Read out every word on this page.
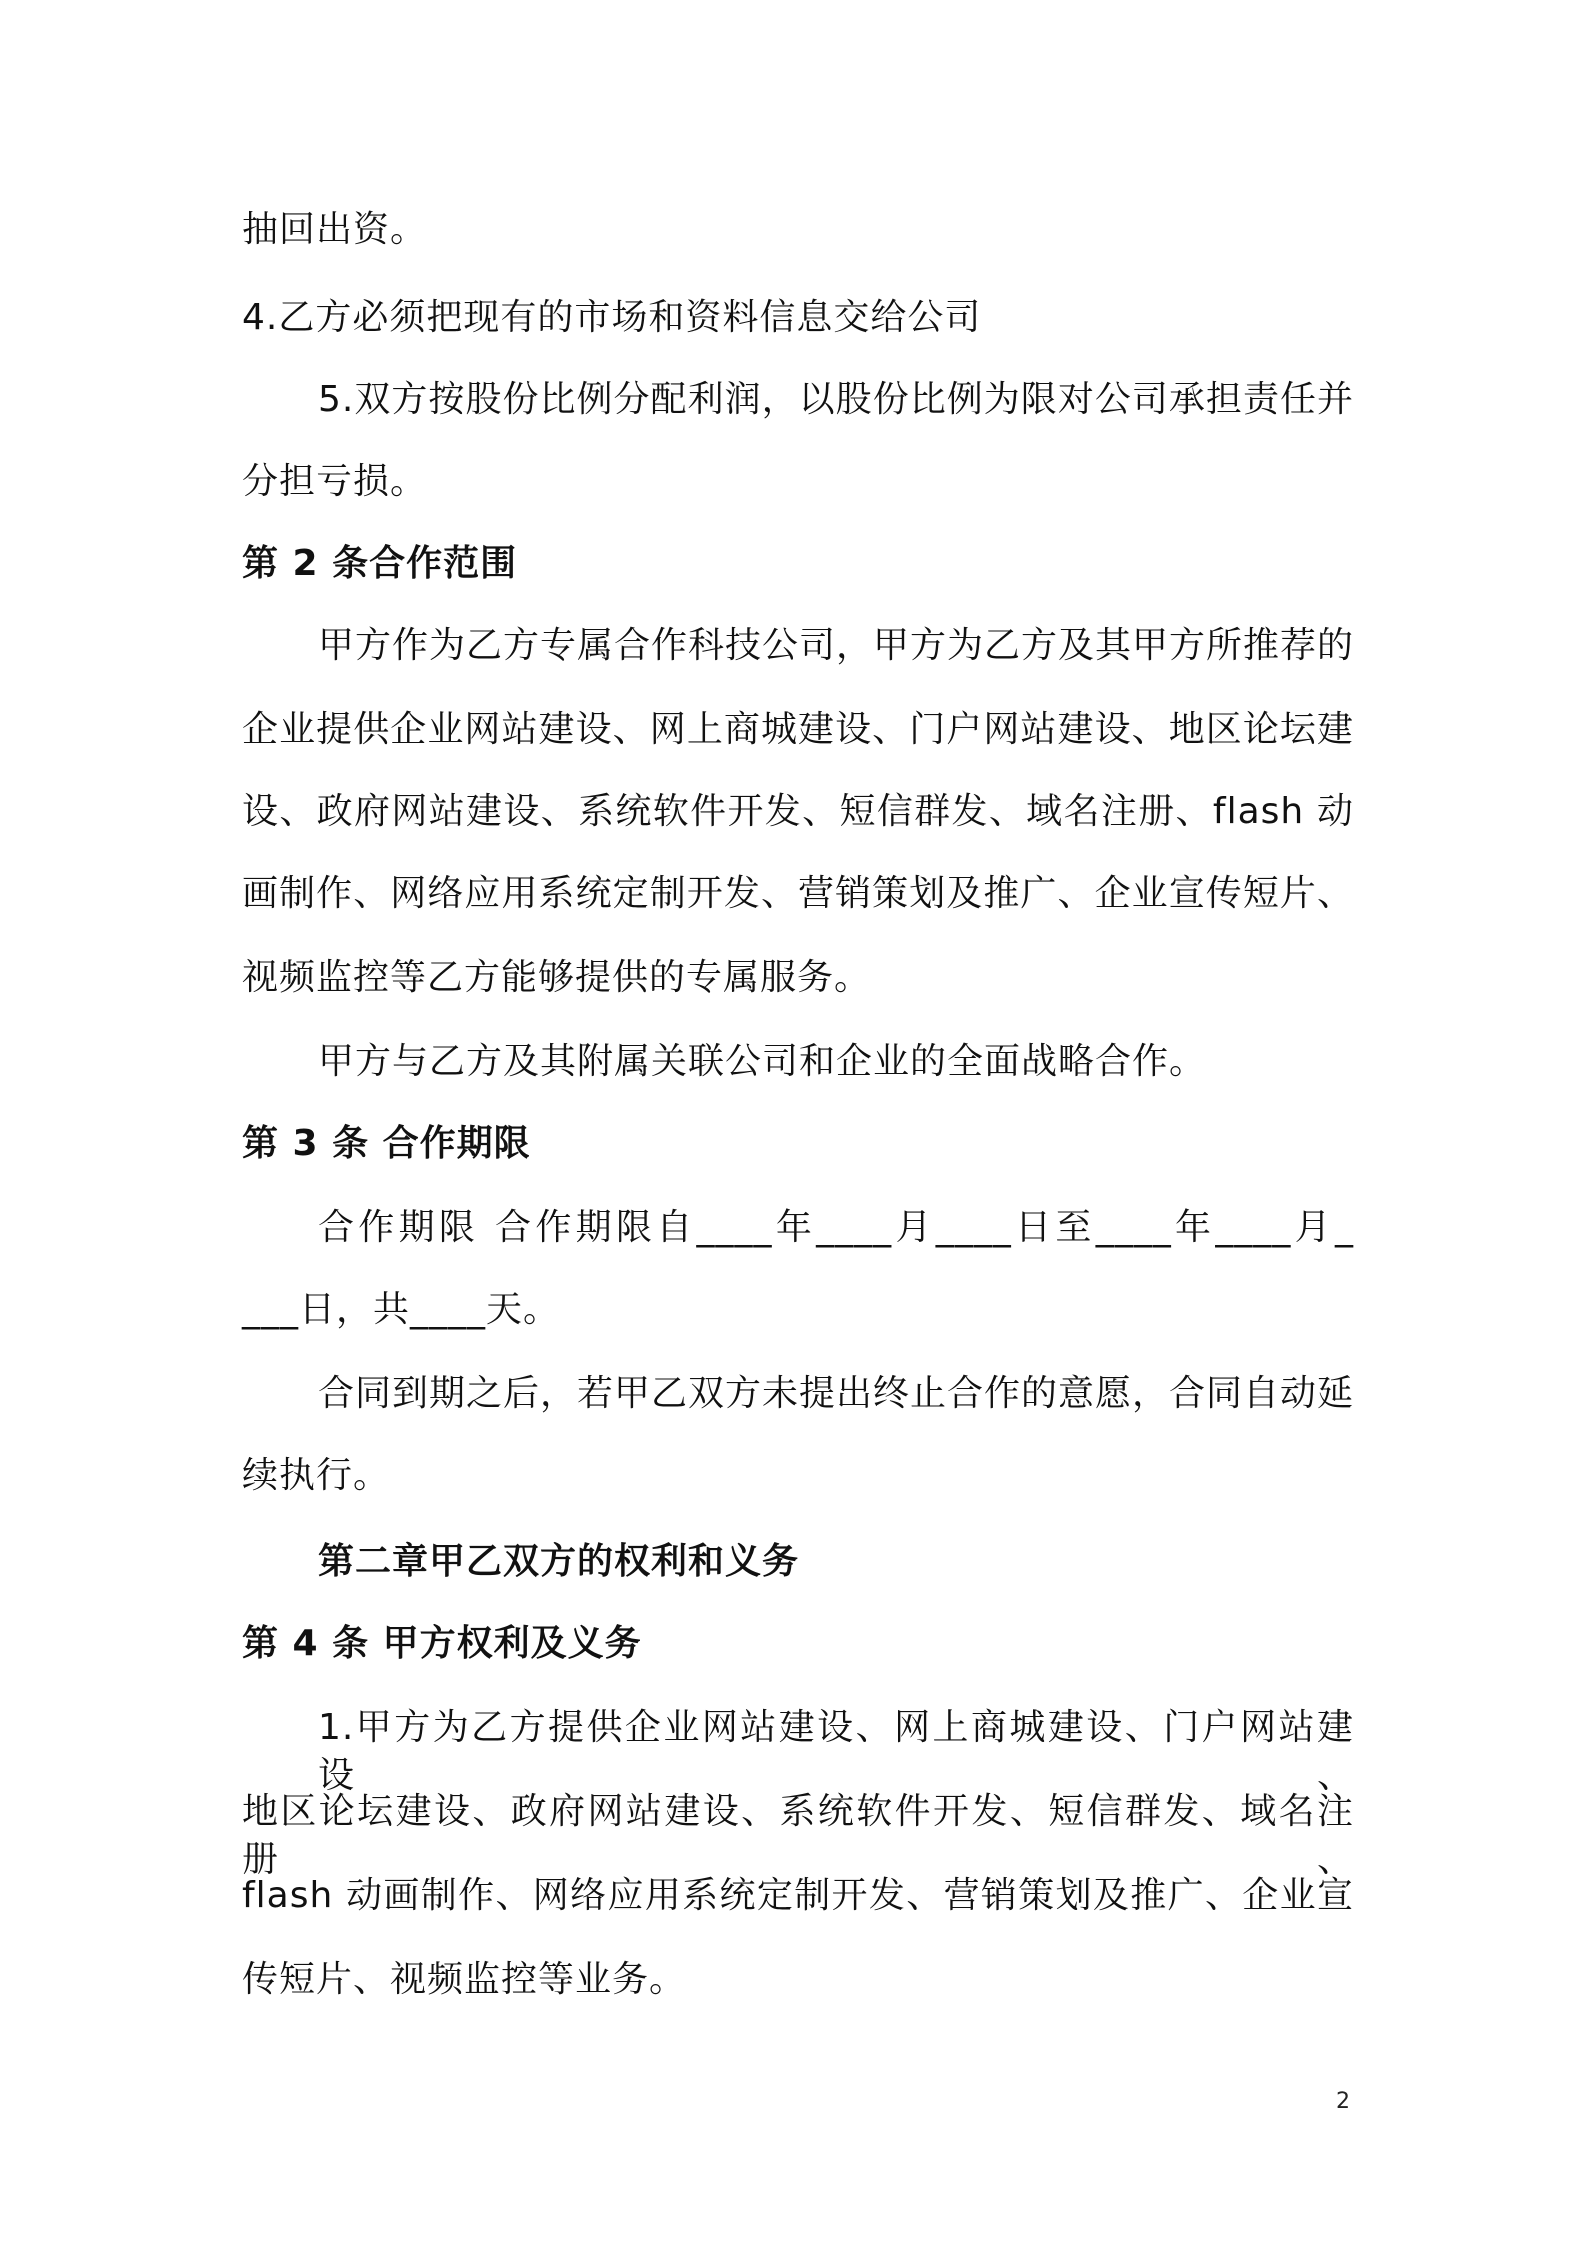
抽回出资。
4.乙方必须把现有的市场和资料信息交给公司
5.双方按股份比例分配利润，以股份比例为限对公司承担责任并
分担亏损。
第 2 条合作范围
甲方作为乙方专属合作科技公司，甲方为乙方及其甲方所推荐的
企业提供企业网站建设、网上商城建设、门户网站建设、地区论坛建
设、政府网站建设、系统软件开发、短信群发、域名注册、flash 动
画制作、网络应用系统定制开发、营销策划及推广、企业宣传短片、
视频监控等乙方能够提供的专属服务。
甲方与乙方及其附属关联公司和企业的全面战略合作。
第 3 条 合作期限
合作期限 合作期限自____年____月____日至____年____月_
___日，共____天。
合同到期之后，若甲乙双方未提出终止合作的意愿，合同自动延
续执行。
第二章甲乙双方的权利和义务
第 4 条 甲方权利及义务
1.甲方为乙方提供企业网站建设、网上商城建设、门户网站建设、
地区论坛建设、政府网站建设、系统软件开发、短信群发、域名注册、
flash 动画制作、网络应用系统定制开发、营销策划及推广、企业宣
传短片、视频监控等业务。
2
